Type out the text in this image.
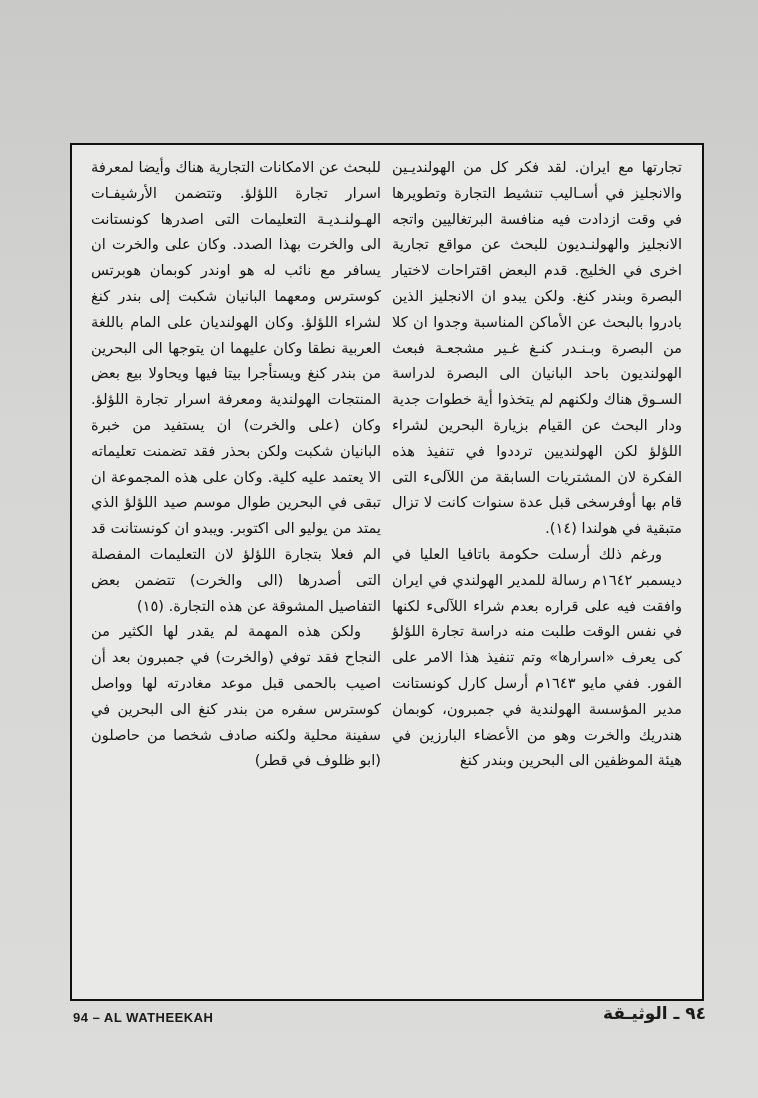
تجارتها مع ايران. لقد فكر كل من الهولنديـين والانجليز في أسـاليب تنشيط التجارة وتطويرها في وقت ازدادت فيه منافسة البرتغاليين واتجه الانجليز والهولنـديون للبحث عن مواقع تجارية اخرى في الخليج. قدم البعض اقتراحات لاختيار البصرة وبندر كنغ. ولكن يبدو ان الانجليز الذين بادروا بالبحث عن الأماكن المناسبة وجدوا ان كلا من البصرة وبـنـدر كنـغ غـير مشجعـة فبعث الهولنديون باحد البانيان الى البصرة لدراسة السـوق هناك ولكنهم لم يتخذوا أية خطوات جدية ودار البحث عن القيام بزيارة البحرين لشراء اللؤلؤ لكن الهولنديين ترددوا في تنفيذ هذه الفكرة لان المشتريات السابقة من اللآلىء التى قام بها أوفرسخى قبل عدة سنوات كانت لا تزال متبقية في هولندا (١٤).

ورغم ذلك أرسلت حكومة باتافيا العليا في ديسمبر ١٦٤٢م رسالة للمدير الهولندي في ايران وافقت فيه على قراره بعدم شراء اللآلىء لكنها في نفس الوقت طلبت منه دراسة تجارة اللؤلؤ كى يعرف «اسرارها» وتم تنفيذ هذا الامر على الفور. ففي مايو ١٦٤٣م أرسل كارل كونستانت مدير المؤسسة الهولندية في جمبرون، كوبمان هندريك والخرت وهو من الأعضاء البارزين في هيئة الموظفين الى البحرين وبندر كنغ

للبحث عن الامكانات التجارية هناك وأيضا لمعرفة اسرار تجارة اللؤلؤ. وتتضمن الأرشيفـات الهـولنـديـة التعليمات التى اصدرها كونستانت الى والخرت بهذا الصدد. وكان على والخرت ان يسافر مع نائب له هو اوندر كوبمان هوبرتس كوسترس ومعهما البانيان شكبت إلى بندر كنغ لشراء اللؤلؤ. وكان الهولنديان على المام باللغة العربية نطقا وكان عليهما ان يتوجها الى البحرين من بندر كنغ ويستأجرا بيتا فيها ويحاولا بيع بعض المنتجات الهولندية ومعرفة اسرار تجارة اللؤلؤ. وكان (على والخرت) ان يستفيد من خبرة البانيان شكبت ولكن بحذر فقد تضمنت تعليماته الا يعتمد عليه كلية. وكان على هذه المجموعة ان تبقى في البحرين طوال موسم صيد اللؤلؤ الذي يمتد من يوليو الى اكتوبر. ويبدو ان كونستانت قد الم فعلا بتجارة اللؤلؤ لان التعليمات المفصلة التى أصدرها (الى والخرت) تتضمن بعض التفاصيل المشوقة عن هذه التجارة. (١٥)

ولكن هذه المهمة لم يقدر لها الكثير من النجاح فقد توفي (والخرت) في جمبرون بعد أن اصيب بالحمى قبل موعد مغادرته لها وواصل كوسترس سفره من بندر كنغ الى البحرين في سفينة محلية ولكنه صادف شخصا من حاصلون (ابو ظلوف في قطر)

94 – AL WATHEEKAH	٩٤ ـ الوثيـقة
